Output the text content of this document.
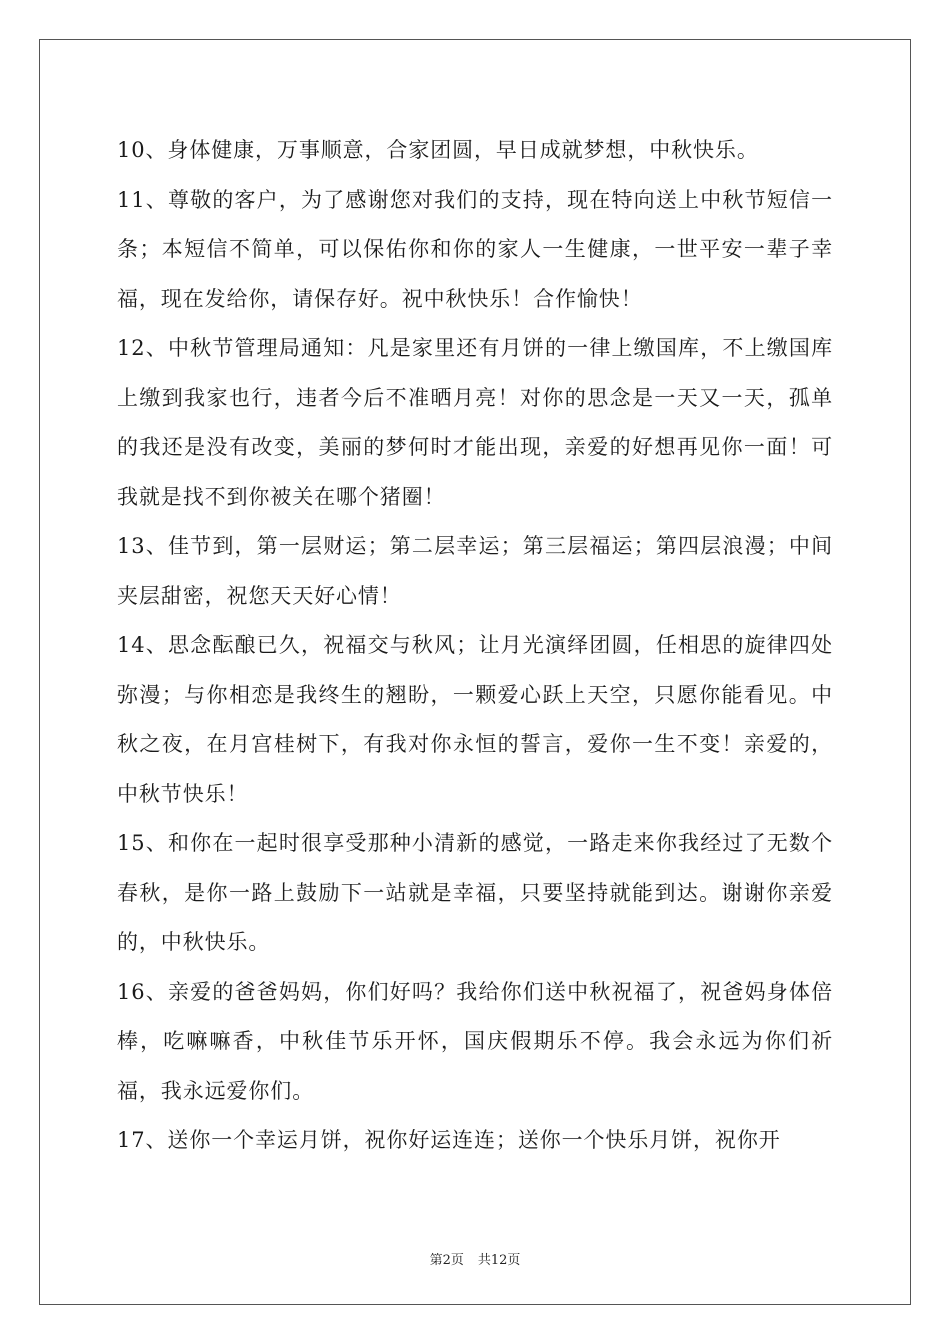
10、身体健康，万事顺意，合家团圆，早日成就梦想，中秋快乐。

11、尊敬的客户，为了感谢您对我们的支持，现在特向送上中秋节短信一条；本短信不简单，可以保佑你和你的家人一生健康，一世平安一辈子幸福，现在发给你，请保存好。祝中秋快乐！合作愉快！

12、中秋节管理局通知：凡是家里还有月饼的一律上缴国库，不上缴国库上缴到我家也行，违者今后不准晒月亮！对你的思念是一天又一天，孤单的我还是没有改变，美丽的梦何时才能出现，亲爱的好想再见你一面！可我就是找不到你被关在哪个猪圈！

13、佳节到，第一层财运；第二层幸运；第三层福运；第四层浪漫；中间夹层甜密，祝您天天好心情！

14、思念酝酿已久，祝福交与秋风；让月光演绎团圆，任相思的旋律四处弥漫；与你相恋是我终生的翘盼，一颗爱心跃上天空，只愿你能看见。中秋之夜，在月宫桂树下，有我对你永恒的誓言，爱你一生不变！亲爱的，中秋节快乐！

15、和你在一起时很享受那种小清新的感觉，一路走来你我经过了无数个春秋，是你一路上鼓励下一站就是幸福，只要坚持就能到达。谢谢你亲爱的，中秋快乐。

16、亲爱的爸爸妈妈，你们好吗？我给你们送中秋祝福了，祝爸妈身体倍棒，吃嘛嘛香，中秋佳节乐开怀，国庆假期乐不停。我会永远为你们祈福，我永远爱你们。

17、送你一个幸运月饼，祝你好运连连；送你一个快乐月饼，祝你开

第2页 共12页
